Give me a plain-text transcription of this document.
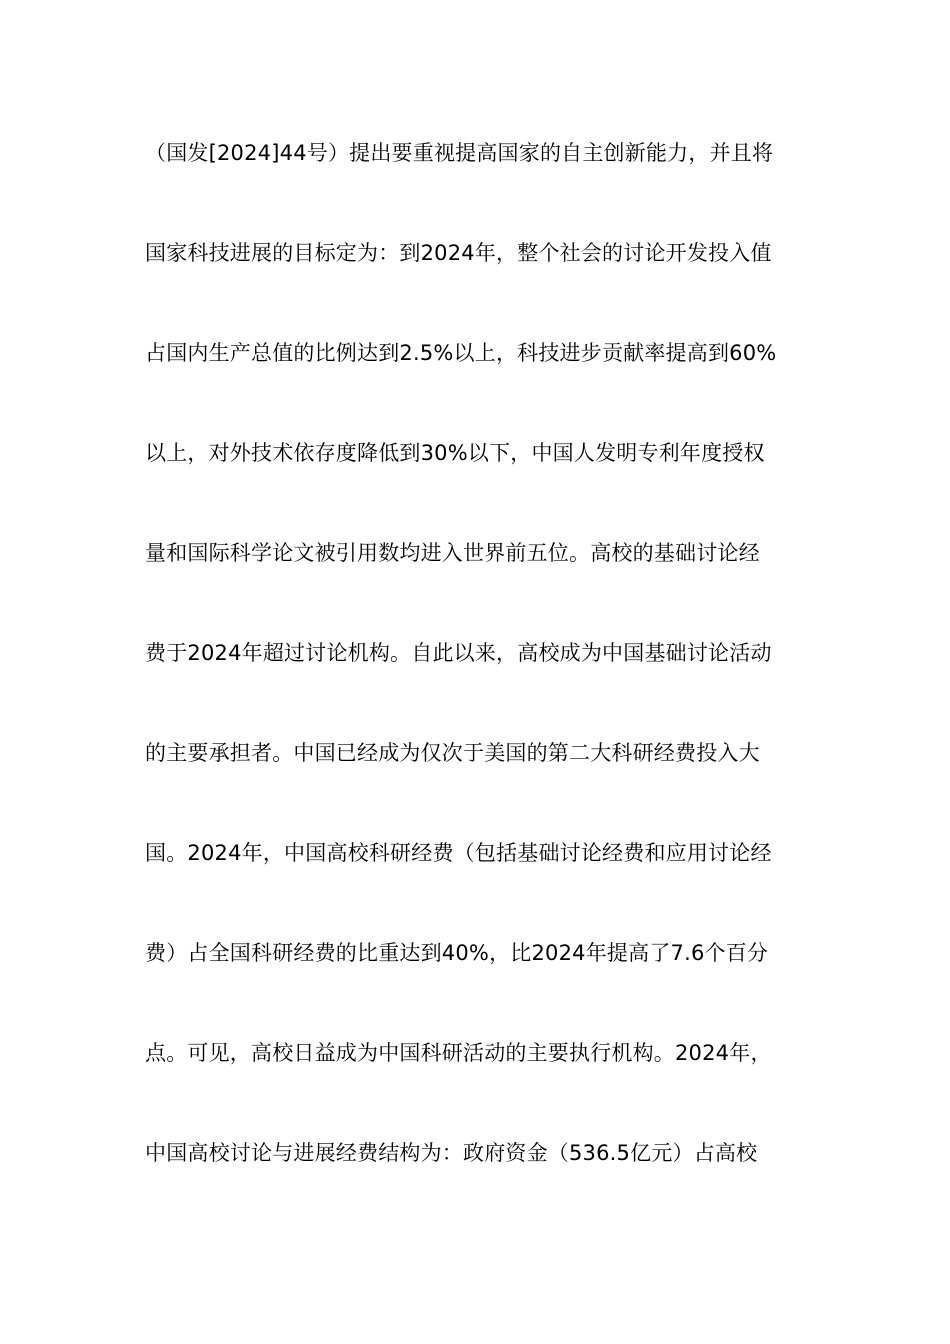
（国发[2024]44号）提出要重视提高国家的自主创新能力，并且将
国家科技进展的目标定为：到2024年，整个社会的讨论开发投入值
占国内生产总值的比例达到2.5%以上，科技进步贡献率提高到60%
以上，对外技术依存度降低到30%以下，中国人发明专利年度授权
量和国际科学论文被引用数均进入世界前五位。高校的基础讨论经
费于2024年超过讨论机构。自此以来，高校成为中国基础讨论活动
的主要承担者。中国已经成为仅次于美国的第二大科研经费投入大
国。2024年，中国高校科研经费（包括基础讨论经费和应用讨论经
费）占全国科研经费的比重达到40%，比2024年提高了7.6个百分
点。可见，高校日益成为中国科研活动的主要执行机构。2024年，
中国高校讨论与进展经费结构为：政府资金（536.5亿元）占高校
